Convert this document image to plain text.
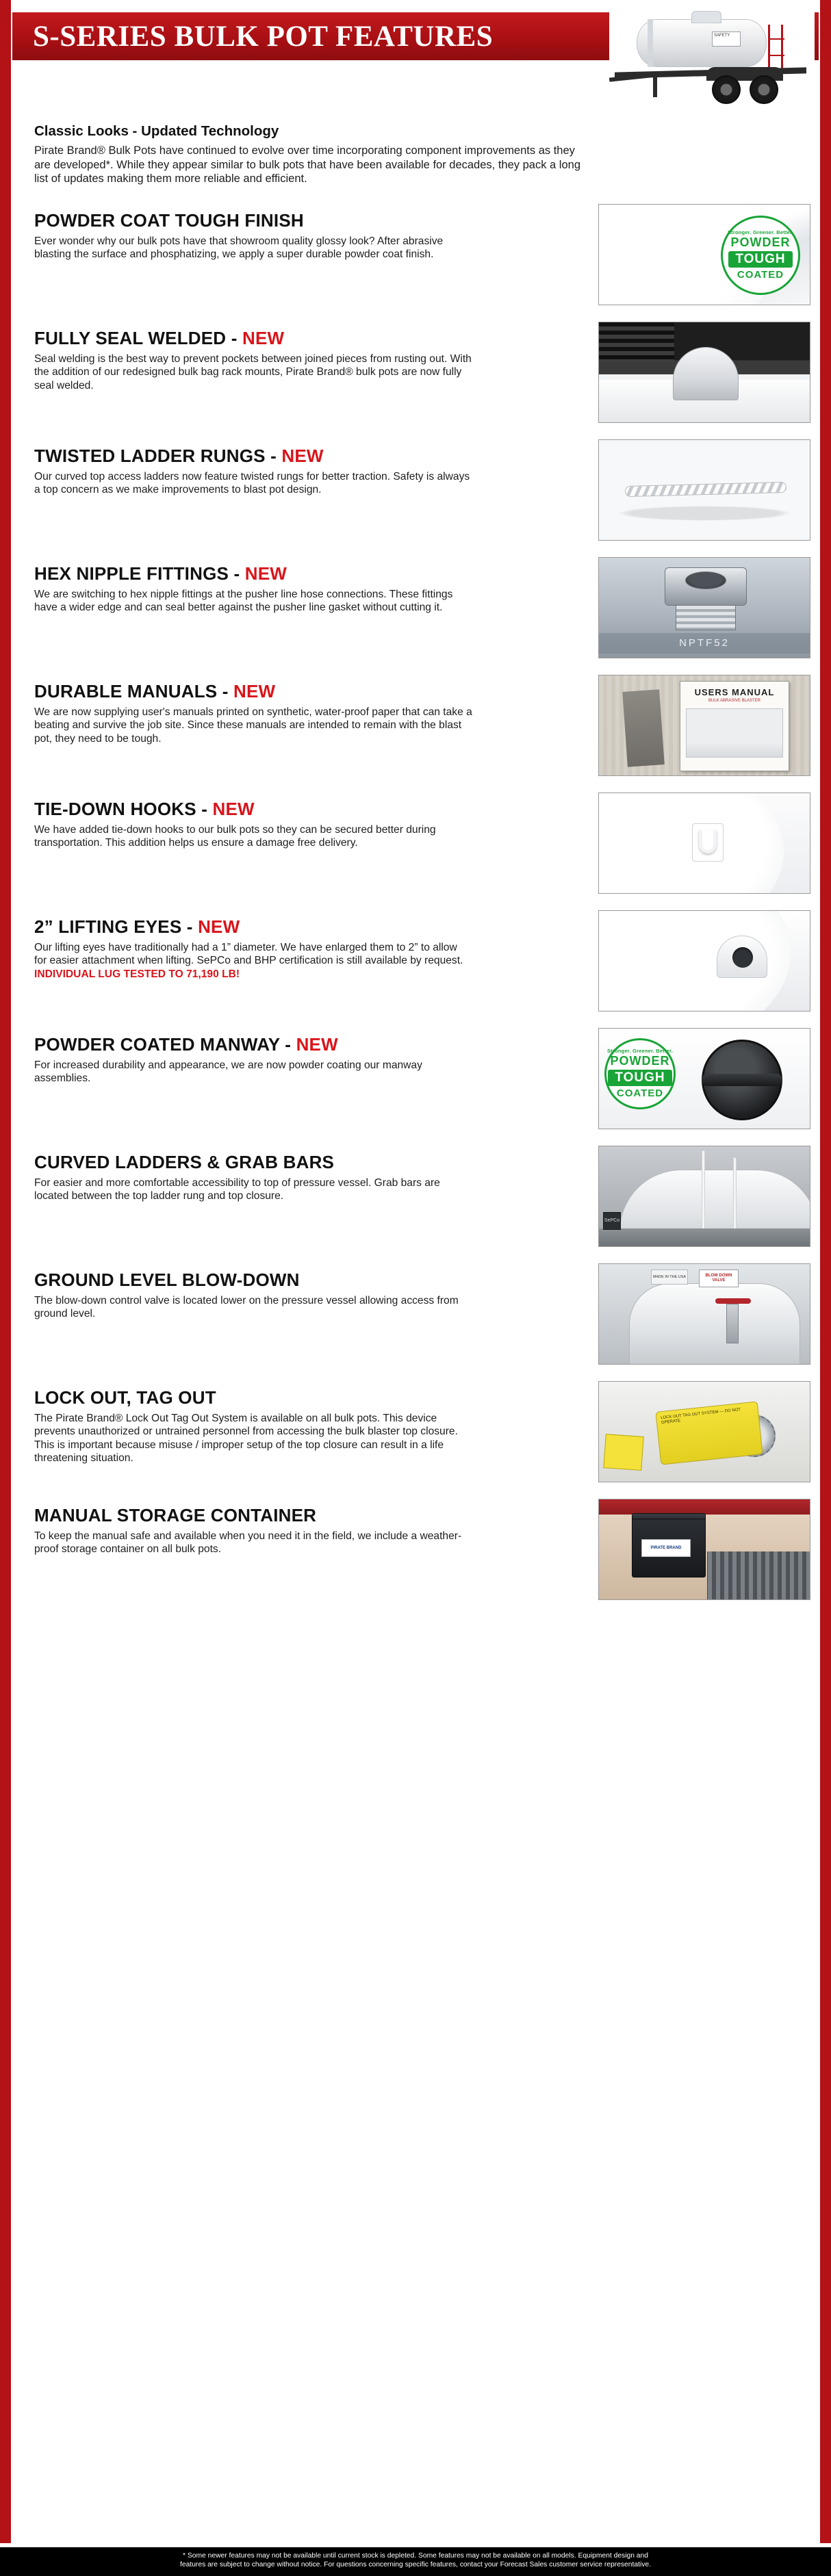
S-SERIES BULK POT FEATURES	SAFETY
Classic Looks - Updated Technology

Pirate Brand® Bulk Pots have continued to evolve over time incorporating component improvements as they are developed*. While they appear similar to bulk pots that have been available for decades, they pack a long list of updates making them more reliable and efficient.

POWDER COAT TOUGH FINISH

Ever wonder why our bulk pots have that showroom quality glossy look? After abrasive blasting the surface and phosphatizing, we apply a super durable powder coat finish.

Stronger. Greener. Better.
POWDER
TOUGH
COATED
FULLY SEAL WELDED - NEW

Seal welding is the best way to prevent pockets between joined pieces from rusting out. With the addition of our redesigned bulk bag rack mounts, Pirate Brand® bulk pots are now fully seal welded.

TWISTED LADDER RUNGS - NEW

Our curved top access ladders now feature twisted rungs for better traction. Safety is always a top concern as we make improvements to blast pot design.

HEX NIPPLE FITTINGS - NEW

We are switching to hex nipple fittings at the pusher line hose connections. These fittings have a wider edge and can seal better against the pusher line gasket without cutting it.

NPTF52
DURABLE MANUALS - NEW

We are now supplying user's manuals printed on synthetic, water-proof paper that can take a beating and survive the job site. Since these manuals are intended to remain with the blast pot, they need to be tough.

USERS MANUAL
BULK ABRASIVE BLASTER
TIE-DOWN HOOKS - NEW

We have added tie-down hooks to our bulk pots so they can be secured better during transportation. This addition helps us ensure a damage free delivery.

2” LIFTING EYES - NEW

Our lifting eyes have traditionally had a 1” diameter. We have enlarged them to 2” to allow for easier attachment when lifting. SePCo and BHP certification is still available by request. INDIVIDUAL LUG TESTED TO 71,190 LB!

POWDER COATED MANWAY - NEW

For increased durability and appearance, we are now powder coating our manway assemblies.

Stronger. Greener. Better.
POWDER
TOUGH
COATED
CURVED LADDERS & GRAB BARS

For easier and more comfortable accessibility to top of pressure vessel. Grab bars are located between the top ladder rung and top closure.

SePCo
GROUND LEVEL BLOW-DOWN

The blow-down control valve is located lower on the pressure vessel allowing access from ground level.

MADE IN THE USA	BLOW DOWN VALVE
LOCK OUT, TAG OUT

The Pirate Brand® Lock Out Tag Out System is available on all bulk pots. This device prevents unauthorized or untrained personnel from accessing the bulk blaster top closure. This is important because misuse / improper setup of the top closure can result in a life threatening situation.

LOCK OUT TAG OUT SYSTEM — DO NOT OPERATE
MANUAL STORAGE CONTAINER

To keep the manual safe and available when you need it in the field, we include a weather-proof storage container on all bulk pots.	PIRATE BRAND
* Some newer features may not be available until current stock is depleted. Some features may not be available on all models. Equipment design and
features are subject to change without notice. For questions concerning specific features, contact your Forecast Sales customer service representative.
